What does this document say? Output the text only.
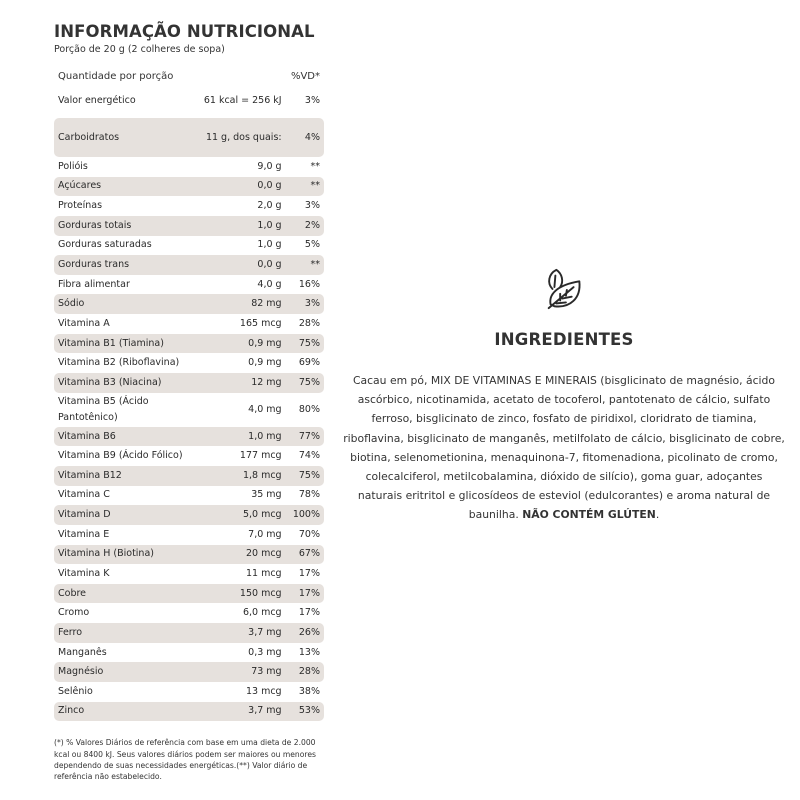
INFORMAÇÃO NUTRICIONAL
Porção de 20 g (2 colheres de sopa)
Quantidade por porção	%VD*
Valor energético	61 kcal = 256 kJ	3%
Carboidratos	11 g, dos quais:	4%
Polióis	9,0 g	**
Açúcares	0,0 g	**
Proteínas	2,0 g	3%
Gorduras totais	1,0 g	2%
Gorduras saturadas	1,0 g	5%
Gorduras trans	0,0 g	**
Fibra alimentar	4,0 g	16%
Sódio	82 mg	3%
Vitamina A	165 mcg	28%
Vitamina B1 (Tiamina)	0,9 mg	75%
Vitamina B2 (Riboflavina)	0,9 mg	69%
Vitamina B3 (Niacina)	12 mg	75%
Vitamina B5 (Ácido Pantotênico)
4,0 mg	80%
Vitamina B6	1,0 mg	77%
Vitamina B9 (Ácido Fólico)	177 mcg	74%
Vitamina B12	1,8 mcg	75%
Vitamina C	35 mg	78%
Vitamina D	5,0 mcg	100%
Vitamina E	7,0 mg	70%
Vitamina H (Biotina)	20 mcg	67%
Vitamina K	11 mcg	17%
Cobre	150 mcg	17%
Cromo	6,0 mcg	17%
Ferro	3,7 mg	26%
Manganês	0,3 mg	13%
Magnésio	73 mg	28%
Selênio	13 mcg	38%
Zinco	3,7 mg	53%
(*) % Valores Diários de referência com base em uma dieta de 2.000 kcal ou 8400 kJ. Seus valores diários podem ser maiores ou menores dependendo de suas necessidades energéticas.(**) Valor diário de referência não estabelecido.
INGREDIENTES
Cacau em pó, MIX DE VITAMINAS E MINERAIS (bisglicinato de magnésio, ácido ascórbico, nicotinamida, acetato de tocoferol, pantotenato de cálcio, sulfato ferroso, bisglicinato de zinco, fosfato de piridixol, cloridrato de tiamina, riboflavina, bisglicinato de manganês, metilfolato de cálcio, bisglicinato de cobre, biotina, selenometionina, menaquinona-7, fitomenadiona, picolinato de cromo, colecalciferol, metilcobalamina, dióxido de silício), goma guar, adoçantes naturais eritritol e glicosídeos de esteviol (edulcorantes) e aroma natural de baunilha. NÃO CONTÉM GLÚTEN.
